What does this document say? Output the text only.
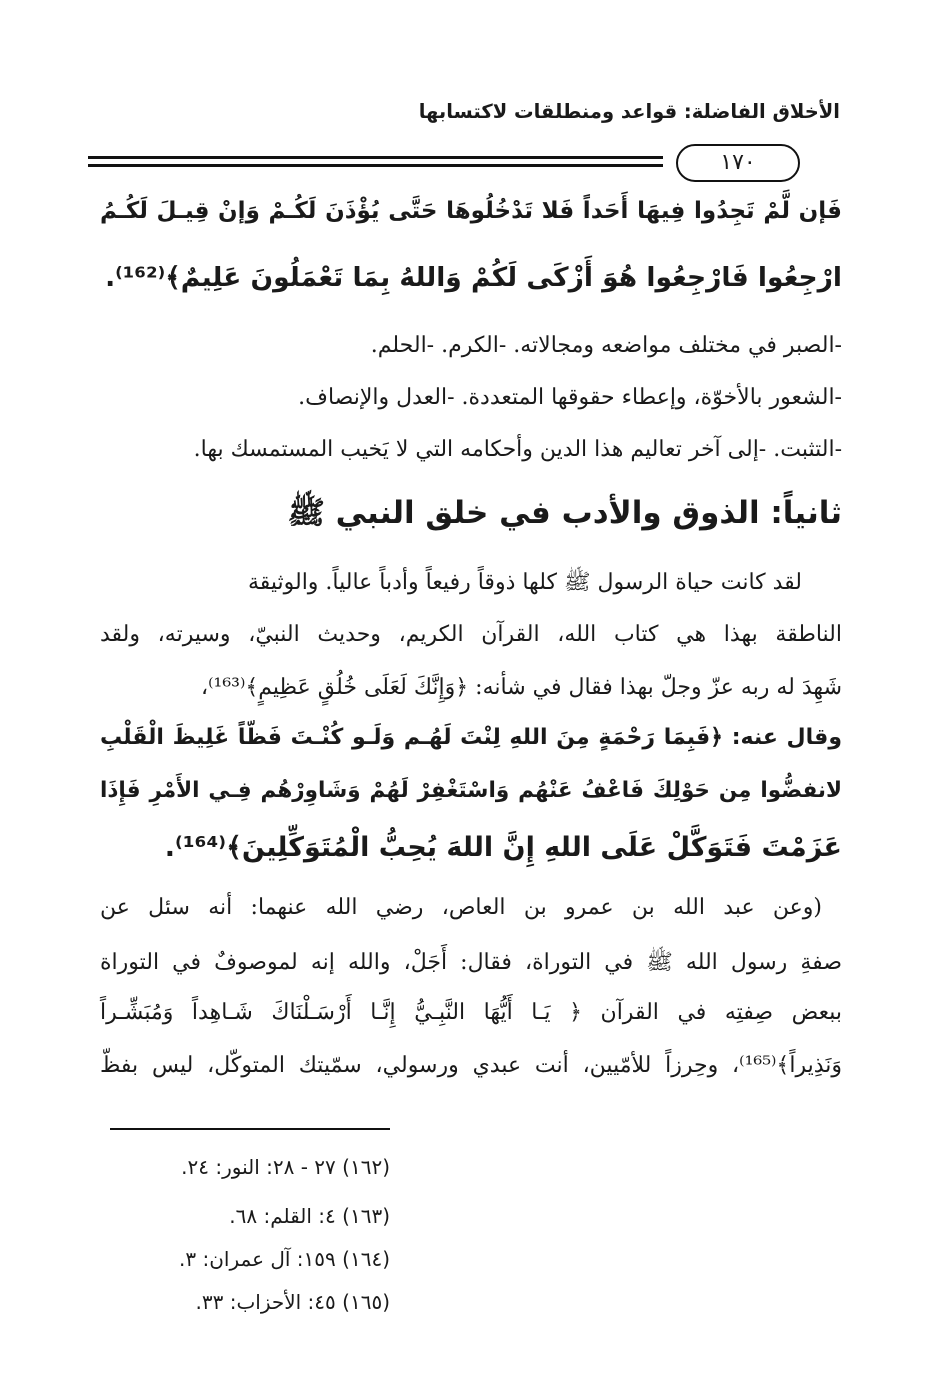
الأخلاق الفاضلة: قواعد ومنطلقات لاكتسابها
١٧٠
فَإن لَّمْ تَجِدُوا فِيهَا أَحَداً فَلا تَدْخُلُوهَا حَتَّى يُؤْذَنَ لَكُـمْ وَإنْ قِيـلَ لَكُـمُ
ارْجِعُوا فَارْجِعُوا هُوَ أَزْكَى لَكُمْ وَاللهُ بِمَا تَعْمَلُونَ عَلِيمٌ﴾⁽¹⁶²⁾.
-الصبر في مختلف مواضعه ومجالاته. -الكرم. -الحلم.
-الشعور بالأخوّة، وإعطاء حقوقها المتعددة. -العدل والإنصاف.
-التثبت. -إلى آخر تعاليم هذا الدين وأحكامه التي لا يَخيب المستمسك بها.
ثانياً: الذوق والأدب في خلق النبي ﷺ
لقد كانت حياة الرسول ﷺ كلها ذوقاً رفيعاً وأدباً عالياً. والوثيقة
الناطقة بهذا هي كتاب الله، القرآن الكريم، وحديث النبيّ، وسيرته، ولقد
شَهِدَ له ربه عزّ وجلّ بهذا فقال في شأنه: ﴿وَإِنَّكَ لَعَلَى خُلُقٍ عَظِيمٍ﴾⁽¹⁶³⁾،
وقال عنه: ﴿فَبِمَا رَحْمَةٍ مِنَ اللهِ لِنْتَ لَهُـم وَلَـو كُنْـتَ فَظّاً غَلِيظَ الْقَلْبِ
لانفضُّوا مِن حَوْلِكَ فَاعْفُ عَنْهُم وَاسْتَغْفِرْ لَهُمْ وَشَاوِرْهُم فِـي الأَمْرِ فَإِذَا
عَزَمْتَ فَتَوَكَّلْ عَلَى اللهِ إِنَّ اللهَ يُحِبُّ الْمُتَوَكِّلِينَ﴾⁽¹⁶⁴⁾.
(وعن عبد الله بن عمرو بن العاص، رضي الله عنهما: أنه سئل عن
صفةِ رسول الله ﷺ في التوراة، فقال: أَجَلْ، والله إنه لموصوفٌ في التوراة
ببعض صِفتِه في القرآن ﴿ يَـا أَيُّهَا النَّبِـيُّ إِنَّـا أَرْسَـلْنَاكَ شَـاهِداً وَمُبَشِّـراً
وَنَذِيراً﴾⁽¹⁶⁵⁾، وحِرزاً للأمّيين، أنت عبدي ورسولي، سمّيتك المتوكّل، ليس بفظّ
(١٦٢) ٢٧ - ٢٨: النور: ٢٤.
(١٦٣) ٤: القلم: ٦٨.
(١٦٤) ١٥٩: آل عمران: ٣.
(١٦٥) ٤٥: الأحزاب: ٣٣.
